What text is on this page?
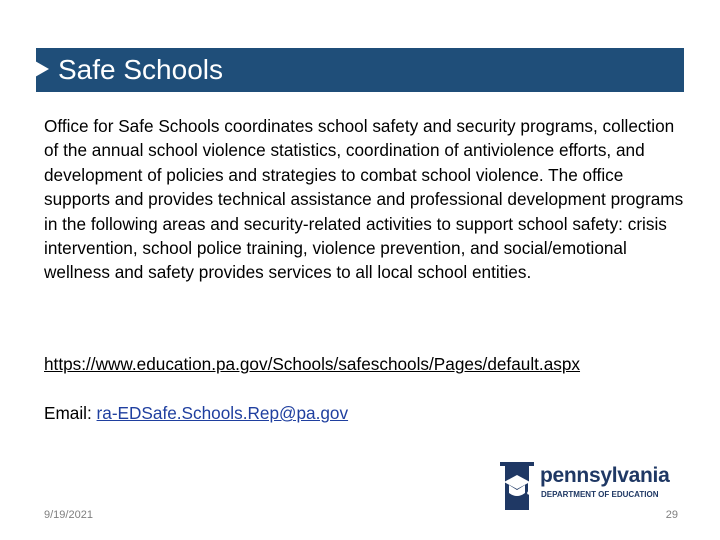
Safe Schools

Office for Safe Schools coordinates school safety and security programs, collection of the annual school violence statistics, coordination of antiviolence efforts, and development of policies and strategies to combat school violence. The office supports and provides technical assistance and professional development programs in the following areas and security-related activities to support school safety: crisis intervention, school police training, violence prevention, and social/emotional wellness and safety provides services to all local school entities.

https://www.education.pa.gov/Schools/safeschools/Pages/default.aspx
Email: ra-EDSafe.Schools.Rep@pa.gov
pennsylvania
DEPARTMENT OF EDUCATION
9/19/2021	29
